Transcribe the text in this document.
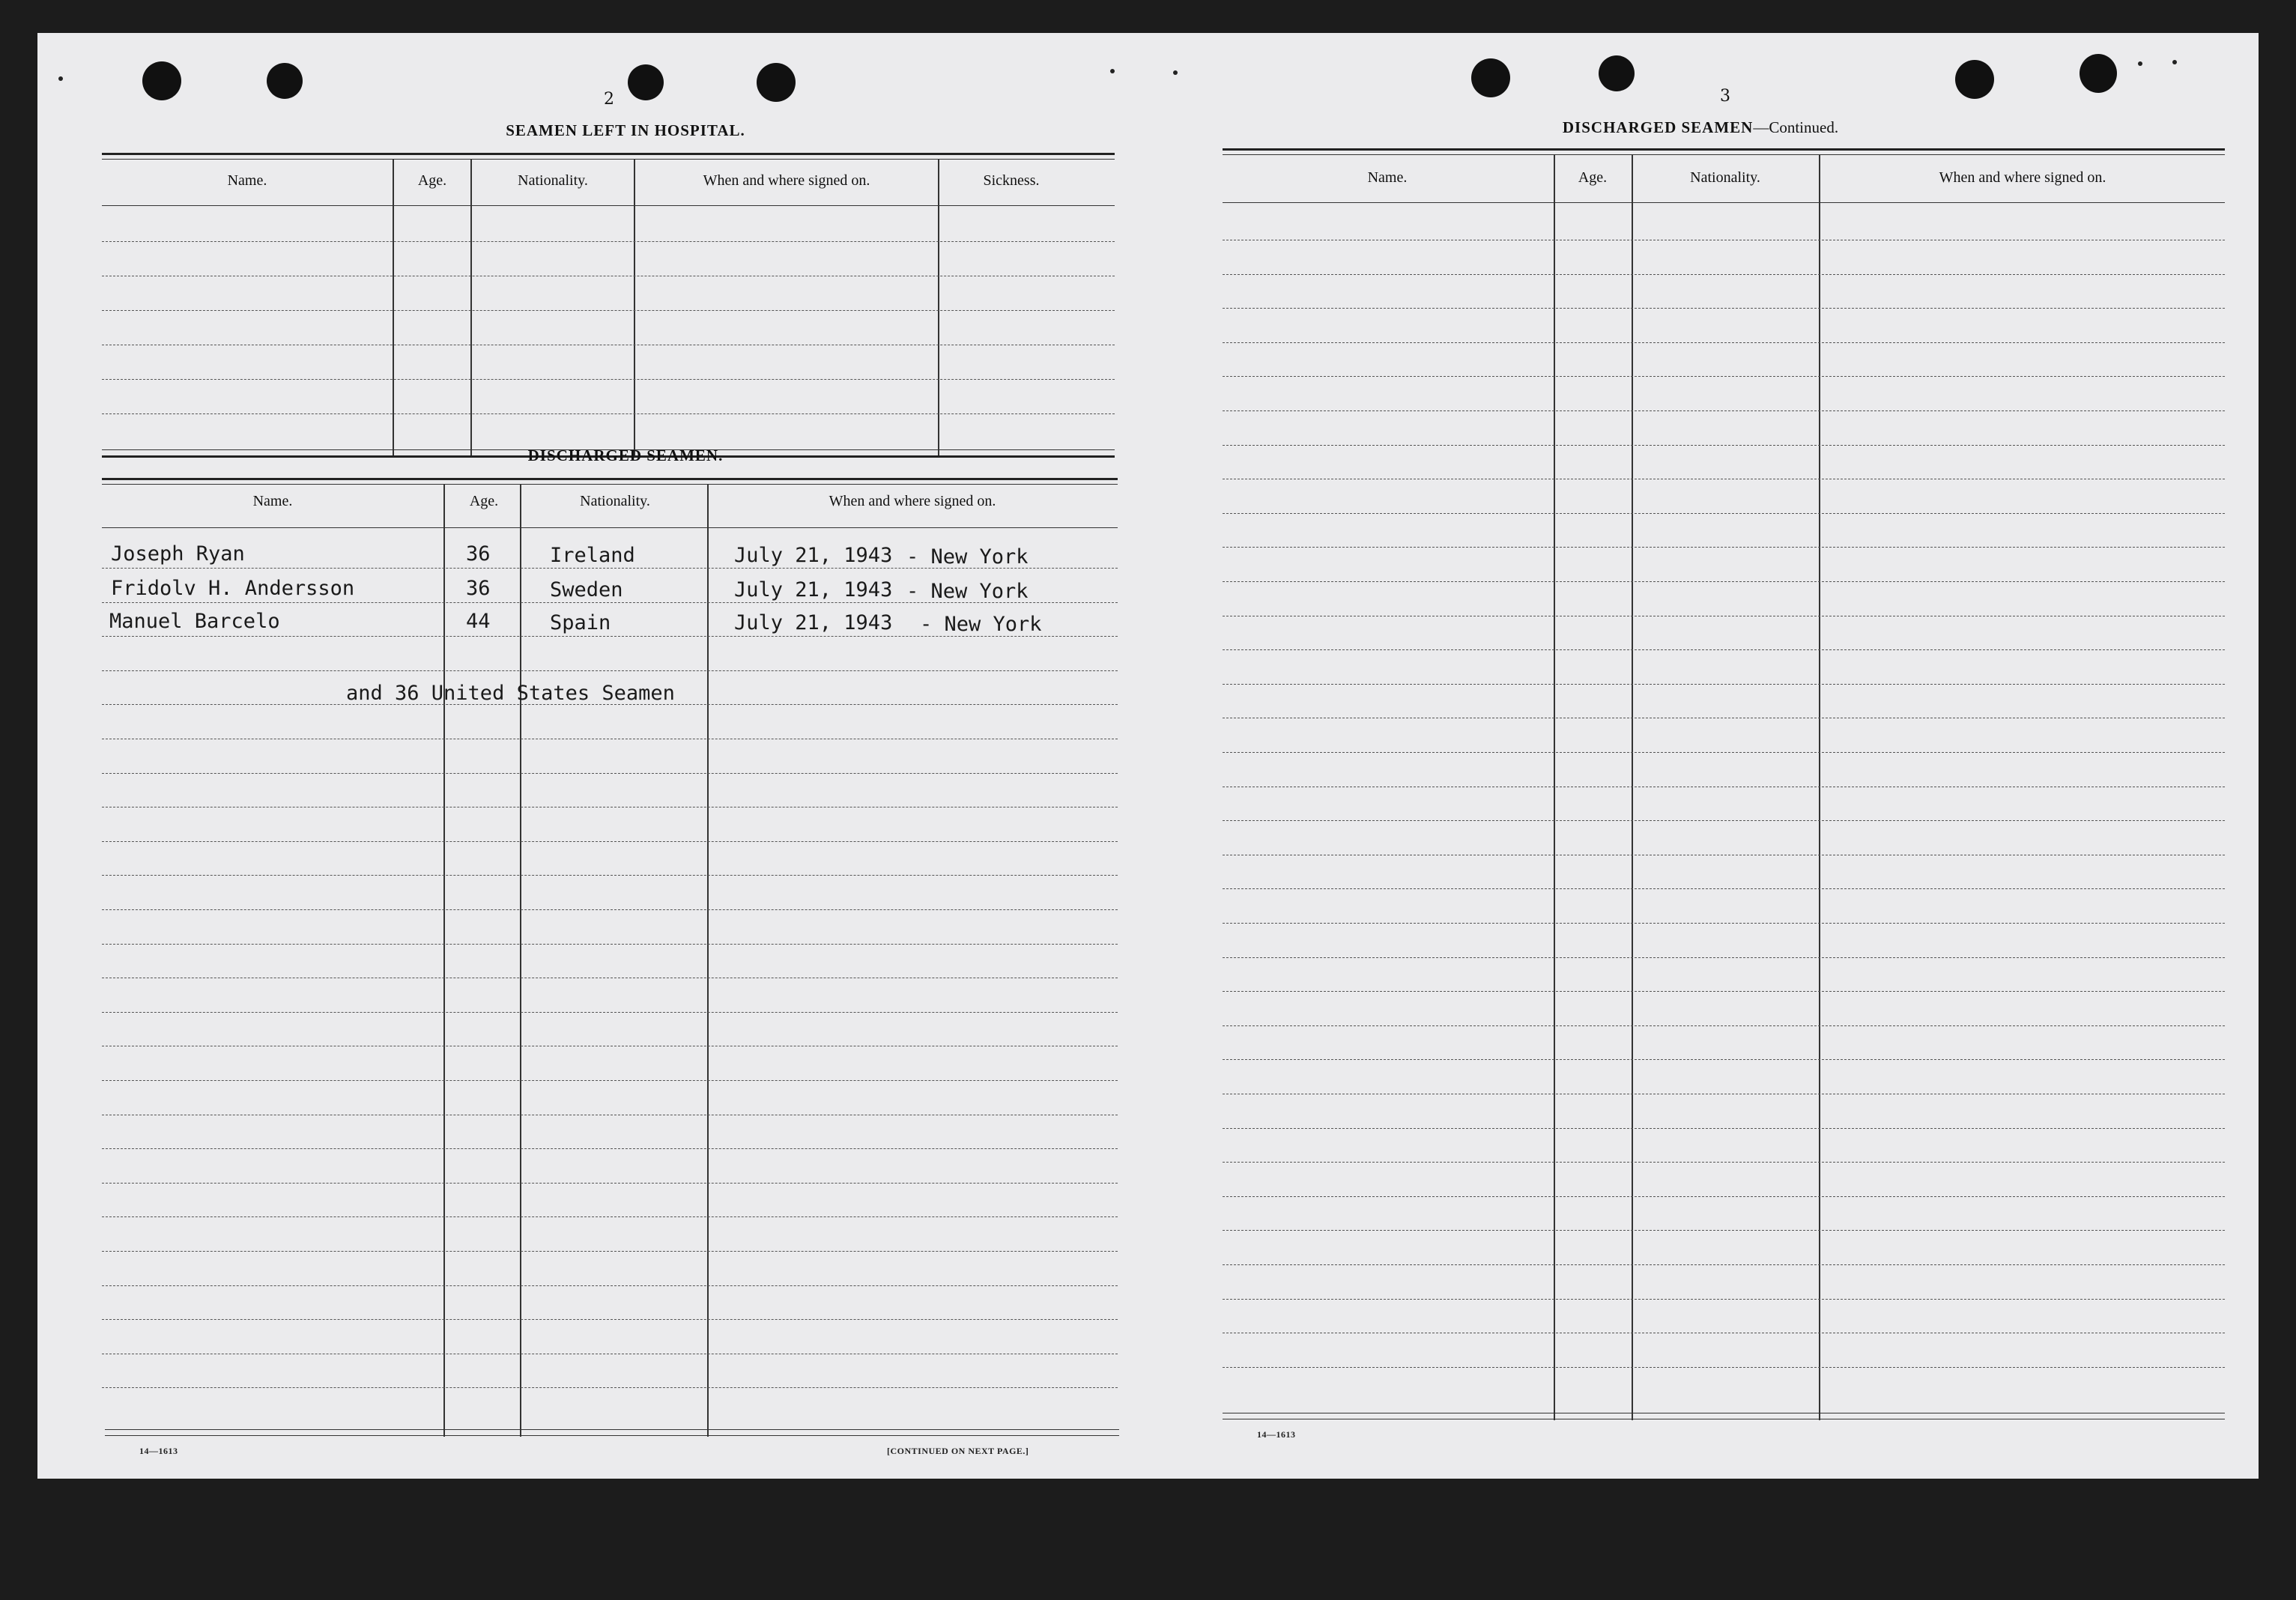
2
SEAMEN LEFT IN HOSPITAL.
Name.	Age.	Nationality.	When and where signed on.	Sickness.
DISCHARGED SEAMEN.
Name.	Age.	Nationality.	When and where signed on.
Joseph Ryan	36	Ireland	July 21, 1943 - New York
Fridolv H. Andersson	36	Sweden	July 21, 1943 - New York
Manuel Barcelo	44	Spain	July 21, 1943 - New York
and 36 United States Seamen
14—1613	[CONTINUED ON NEXT PAGE.]
3
DISCHARGED SEAMEN—Continued.
Name.	Age.	Nationality.	When and where signed on.
14—1613
